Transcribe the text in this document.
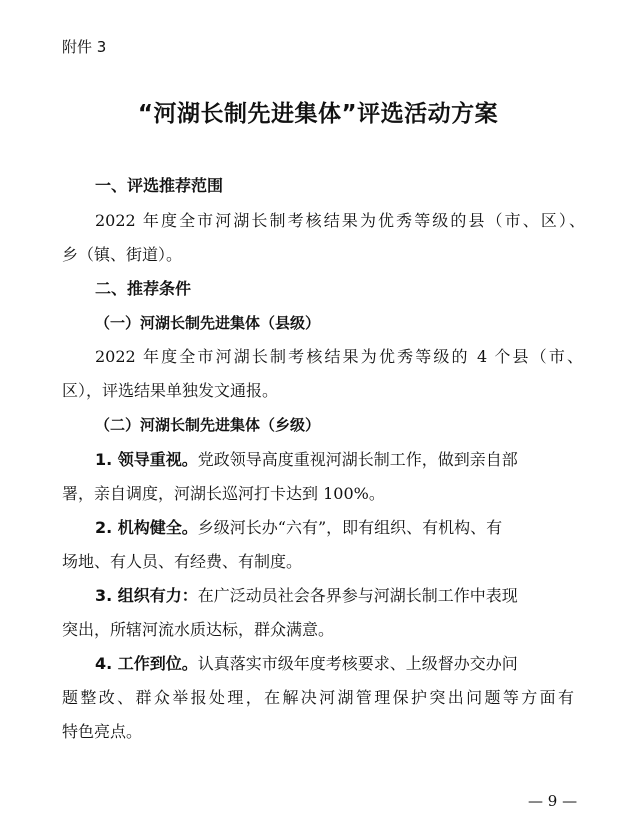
附件 3
“河湖长制先进集体”评选活动方案
一、评选推荐范围
2022 年度全市河湖长制考核结果为优秀等级的县（市、区）、
乡（镇、街道）。
二、推荐条件
（一）河湖长制先进集体（县级）
2022 年度全市河湖长制考核结果为优秀等级的 4 个县（市、
区），评选结果单独发文通报。
（二）河湖长制先进集体（乡级）
1. 领导重视。党政领导高度重视河湖长制工作，做到亲自部
署，亲自调度，河湖长巡河打卡达到 100%。
2. 机构健全。乡级河长办“六有”，即有组织、有机构、有
场地、有人员、有经费、有制度。
3. 组织有力：在广泛动员社会各界参与河湖长制工作中表现
突出，所辖河流水质达标，群众满意。
4. 工作到位。认真落实市级年度考核要求、上级督办交办问
题整改、群众举报处理，在解决河湖管理保护突出问题等方面有
特色亮点。
— 9 —
